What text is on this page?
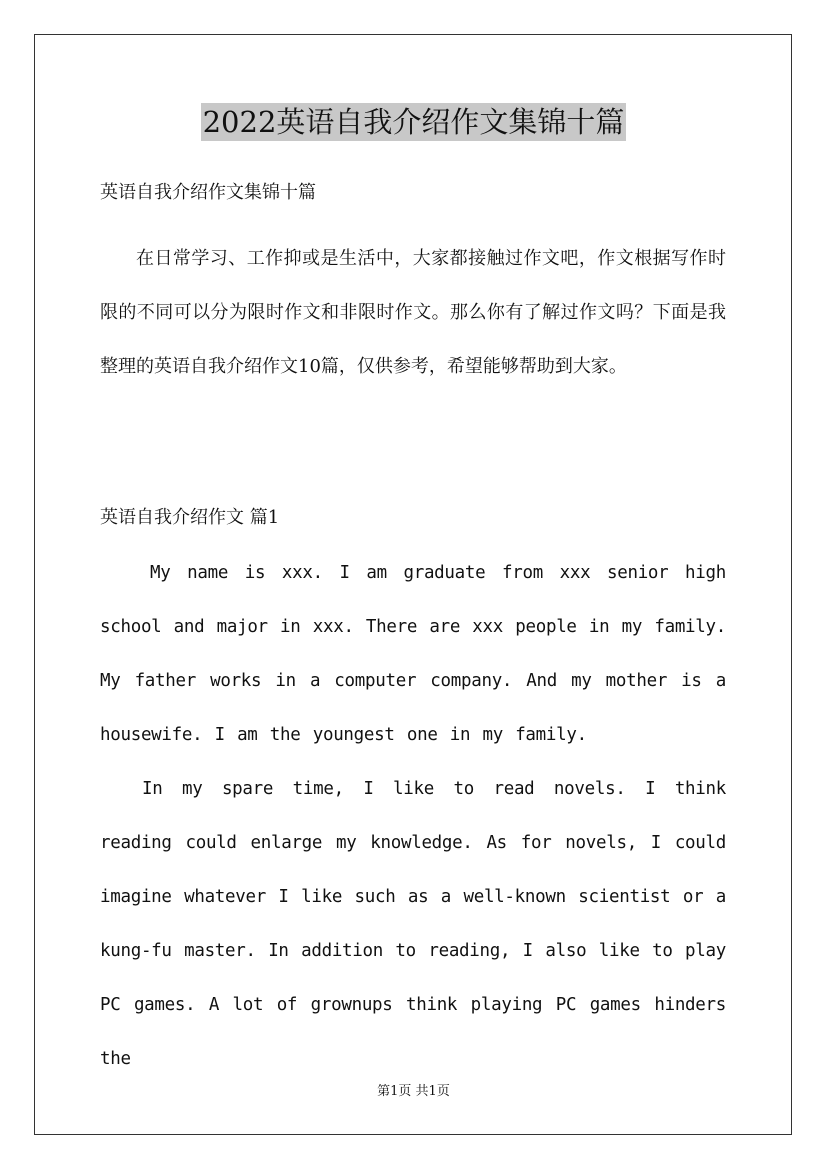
2022英语自我介绍作文集锦十篇
英语自我介绍作文集锦十篇

在日常学习、工作抑或是生活中，大家都接触过作文吧，作文根据写作时限的不同可以分为限时作文和非限时作文。那么你有了解过作文吗？下面是我整理的英语自我介绍作文10篇，仅供参考，希望能够帮助到大家。

英语自我介绍作文 篇1

My name is xxx. I am graduate from xxx senior high school and major in xxx. There are xxx people in my family. My father works in a computer company. And my mother is a housewife. I am the youngest one in my family.

In my spare time, I like to read novels. I think reading could enlarge my knowledge. As for novels, I could imagine whatever I like such as a well-known scientist or a kung-fu master. In addition to reading, I also like to play PC games. A lot of grownups think playing PC games hinders the

第1页 共1页
